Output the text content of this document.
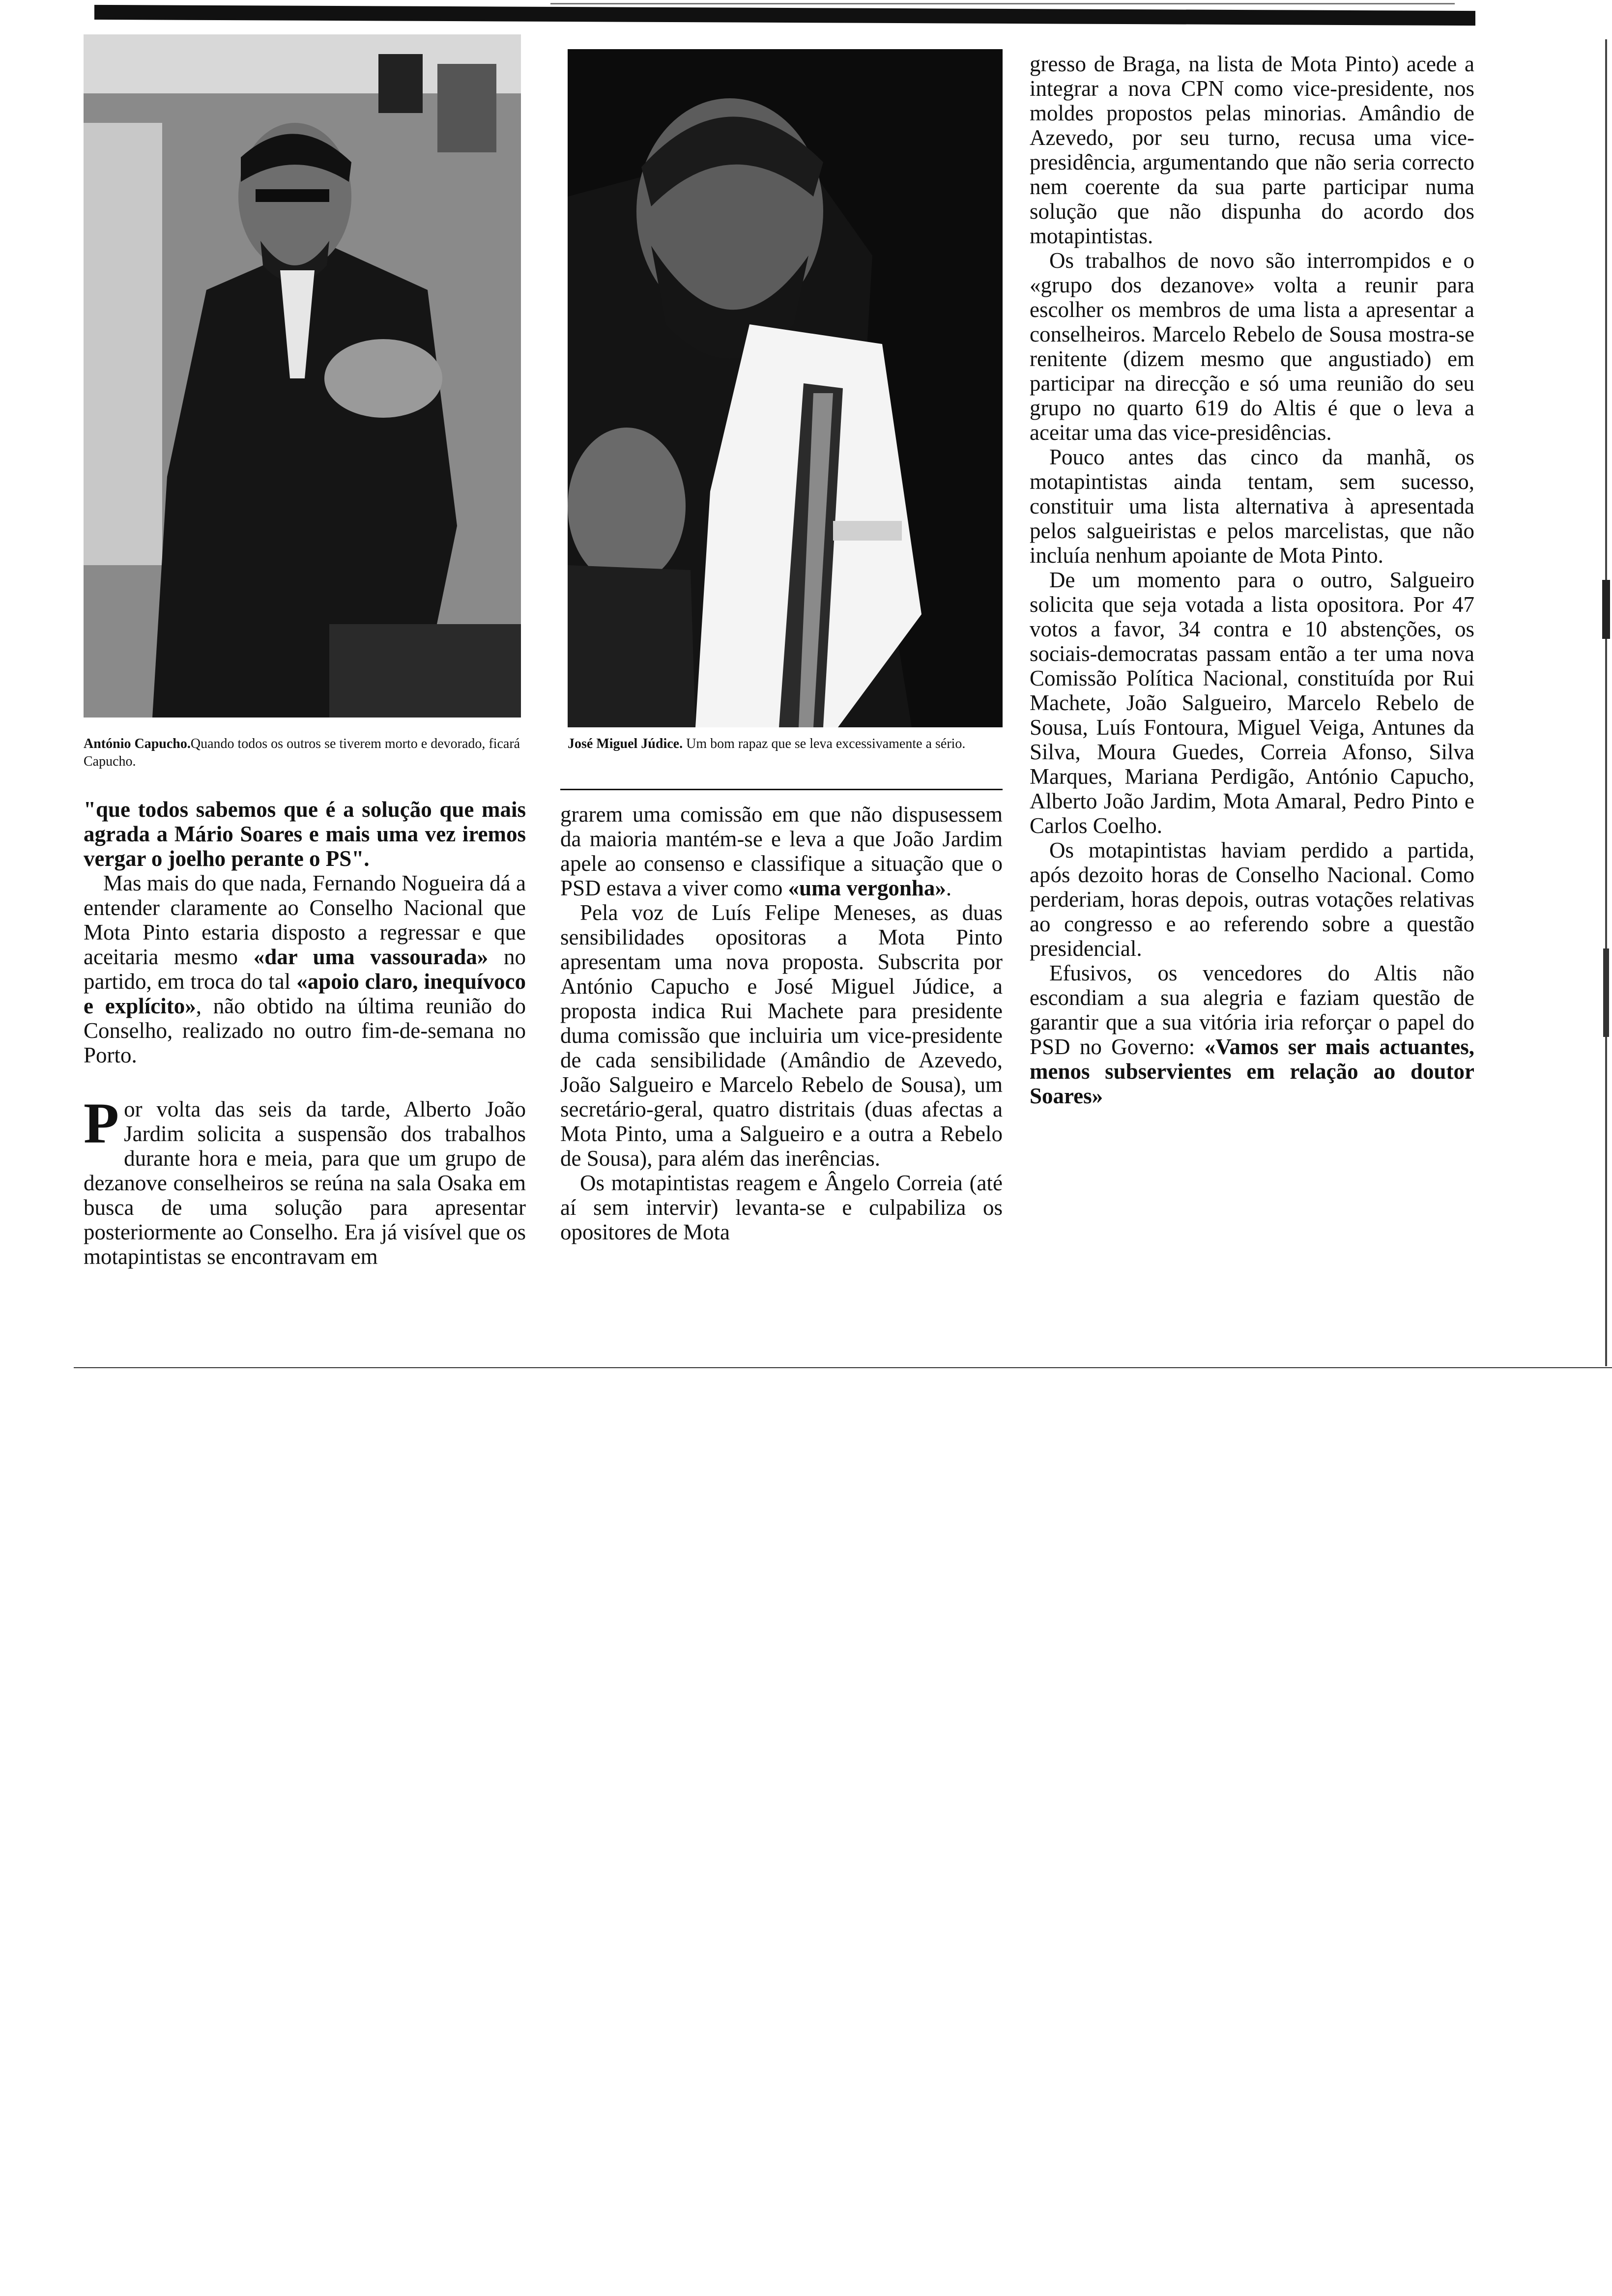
António Capucho.Quando todos os outros se tiverem morto e devorado, ficará Capucho.
José Miguel Júdice. Um bom rapaz que se leva excessivamente a sério.

"que todos sabemos que é a solução que mais agrada a Mário Soares e mais uma vez iremos vergar o joelho perante o PS".

Mas mais do que nada, Fernando Nogueira dá a entender claramente ao Conselho Nacional que Mota Pinto estaria disposto a regressar e que aceitaria mesmo «dar uma vassourada» no partido, em troca do tal «apoio claro, inequívoco e explícito», não obtido na última reunião do Conselho, realizado no outro fim-de-semana no Porto.

Por volta das seis da tarde, Alberto João Jardim solicita a suspensão dos trabalhos durante hora e meia, para que um grupo de dezanove conselheiros se reúna na sala Osaka em busca de uma solução para apresentar posteriormente ao Conselho. Era já visível que os motapintistas se encontravam em

grarem uma comissão em que não dispusessem da maioria mantém-se e leva a que João Jardim apele ao consenso e classifique a situação que o PSD estava a viver como «uma vergonha».

Pela voz de Luís Felipe Meneses, as duas sensibilidades opositoras a Mota Pinto apresentam uma nova proposta. Subscrita por António Capucho e José Miguel Júdice, a proposta indica Rui Machete para presidente duma comissão que incluiria um vice-presidente de cada sensibilidade (Amândio de Azevedo, João Salgueiro e Marcelo Rebelo de Sousa), um secretário-geral, quatro distritais (duas afectas a Mota Pinto, uma a Salgueiro e a outra a Rebelo de Sousa), para além das inerências.

Os motapintistas reagem e Ângelo Correia (até aí sem intervir) levanta-se e culpabiliza os opositores de Mota

gresso de Braga, na lista de Mota Pinto) acede a integrar a nova CPN como vice-presidente, nos moldes propostos pelas minorias. Amândio de Azevedo, por seu turno, recusa uma vice-presidência, argumentando que não seria correcto nem coerente da sua parte participar numa solução que não dispunha do acordo dos motapintistas.

Os trabalhos de novo são interrompidos e o «grupo dos dezanove» volta a reunir para escolher os membros de uma lista a apresentar a conselheiros. Marcelo Rebelo de Sousa mostra-se renitente (dizem mesmo que angustiado) em participar na direcção e só uma reunião do seu grupo no quarto 619 do Altis é que o leva a aceitar uma das vice-presidências.

Pouco antes das cinco da manhã, os motapintistas ainda tentam, sem sucesso, constituir uma lista alternativa à apresentada pelos salgueiristas e pelos marcelistas, que não incluía nenhum apoiante de Mota Pinto.

De um momento para o outro, Salgueiro solicita que seja votada a lista opositora. Por 47 votos a favor, 34 contra e 10 abstenções, os sociais-democratas passam então a ter uma nova Comissão Política Nacional, constituída por Rui Machete, João Salgueiro, Marcelo Rebelo de Sousa, Luís Fontoura, Miguel Veiga, Antunes da Silva, Moura Guedes, Correia Afonso, Silva Marques, Mariana Perdigão, António Capucho, Alberto João Jardim, Mota Amaral, Pedro Pinto e Carlos Coelho.

Os motapintistas haviam perdido a partida, após dezoito horas de Conselho Nacional. Como perderiam, horas depois, outras votações relativas ao congresso e ao referendo sobre a questão presidencial.

Efusivos, os vencedores do Altis não escondiam a sua alegria e faziam questão de garantir que a sua vitória iria reforçar o papel do PSD no Governo: «Vamos ser mais actuantes, menos subservientes em relação ao doutor Soares»
